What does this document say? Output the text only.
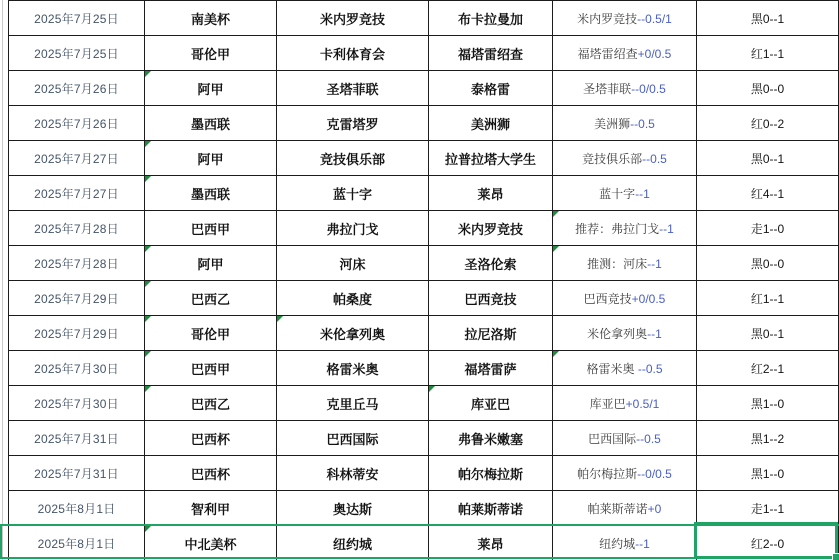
2025年7月25日	南美杯	米内罗竞技	布卡拉曼加	米内罗竞技--0.5/1	黑0--1
2025年7月25日	哥伦甲	卡利体育会	福塔雷绍查	福塔雷绍查+0/0.5	红1--1
2025年7月26日	阿甲	圣塔菲联	泰格雷	圣塔菲联--0/0.5	黑0--0
2025年7月26日	墨西联	克雷塔罗	美洲狮	美洲狮--0.5	红0--2
2025年7月27日	阿甲	竞技俱乐部	拉普拉塔大学生	竞技俱乐部--0.5	黑0--1
2025年7月27日	墨西联	蓝十字	莱昂	蓝十字--1	红4--1
2025年7月28日	巴西甲	弗拉门戈	米内罗竞技	推荐：弗拉门戈--1	走1--0
2025年7月28日	阿甲	河床	圣洛伦索	推测：河床--1	黑0--0
2025年7月29日	巴西乙	帕桑度	巴西竞技	巴西竞技+0/0.5	红1--1
2025年7月29日	哥伦甲	米伦拿列奥	拉尼洛斯	米伦拿列奥--1	黑0--1
2025年7月30日	巴西甲	格雷米奥	福塔雷萨	格雷米奥 --0.5	红2--1
2025年7月30日	巴西乙	克里丘马	库亚巴	库亚巴+0.5/1	黑1--0
2025年7月31日	巴西杯	巴西国际	弗鲁米嫩塞	巴西国际--0.5	黑1--2
2025年7月31日	巴西杯	科林蒂安	帕尔梅拉斯	帕尔梅拉斯--0/0.5	黑1--0
2025年8月1日	智利甲	奥达斯	帕莱斯蒂诺	帕莱斯蒂诺+0	走1--1
2025年8月1日	中北美杯	纽约城	莱昂	纽约城--1	红2--0
